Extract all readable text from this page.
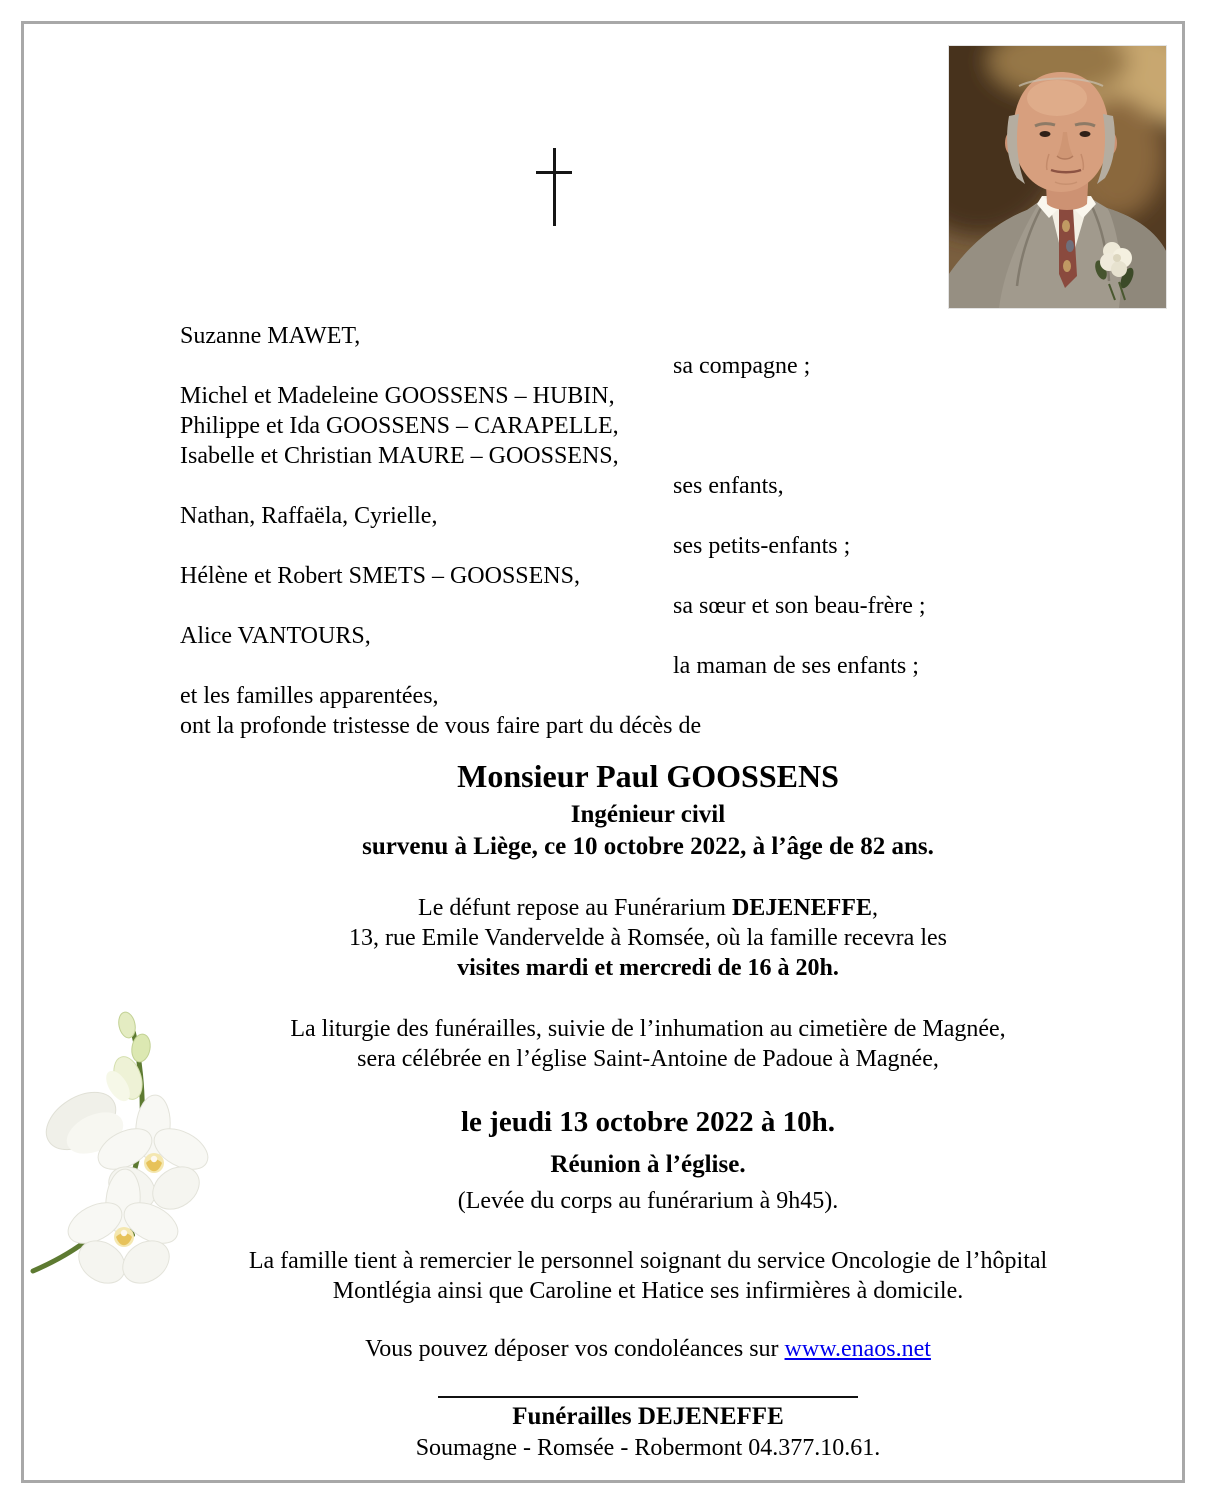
Suzanne MAWET,
sa compagne ;
Michel et Madeleine GOOSSENS – HUBIN,
Philippe et Ida GOOSSENS – CARAPELLE,
Isabelle et Christian MAURE – GOOSSENS,
ses enfants,
Nathan, Raffaëla, Cyrielle,
ses petits-enfants ;
Hélène et Robert SMETS – GOOSSENS,
sa sœur et son beau-frère ;
Alice VANTOURS,
la maman de ses enfants ;
et les familles apparentées,
ont la profonde tristesse de vous faire part du décès de
Monsieur Paul GOOSSENS
Ingénieur civil
survenu à Liège, ce 10 octobre 2022, à l’âge de 82 ans.
Le défunt repose au Funérarium DEJENEFFE,
13, rue Emile Vandervelde à Romsée, où la famille recevra les
visites mardi et mercredi de 16 à 20h.
La liturgie des funérailles, suivie de l’inhumation au cimetière de Magnée,
sera célébrée en l’église Saint-Antoine de Padoue à Magnée,
le jeudi 13 octobre 2022 à 10h.
Réunion à l’église.
(Levée du corps au funérarium à 9h45).
La famille tient à remercier le personnel soignant du service Oncologie de l’hôpital
Montlégia ainsi que Caroline et Hatice ses infirmières à domicile.
Vous pouvez déposer vos condoléances sur www.enaos.net
Funérailles DEJENEFFE
Soumagne - Romsée - Robermont 04.377.10.61.
